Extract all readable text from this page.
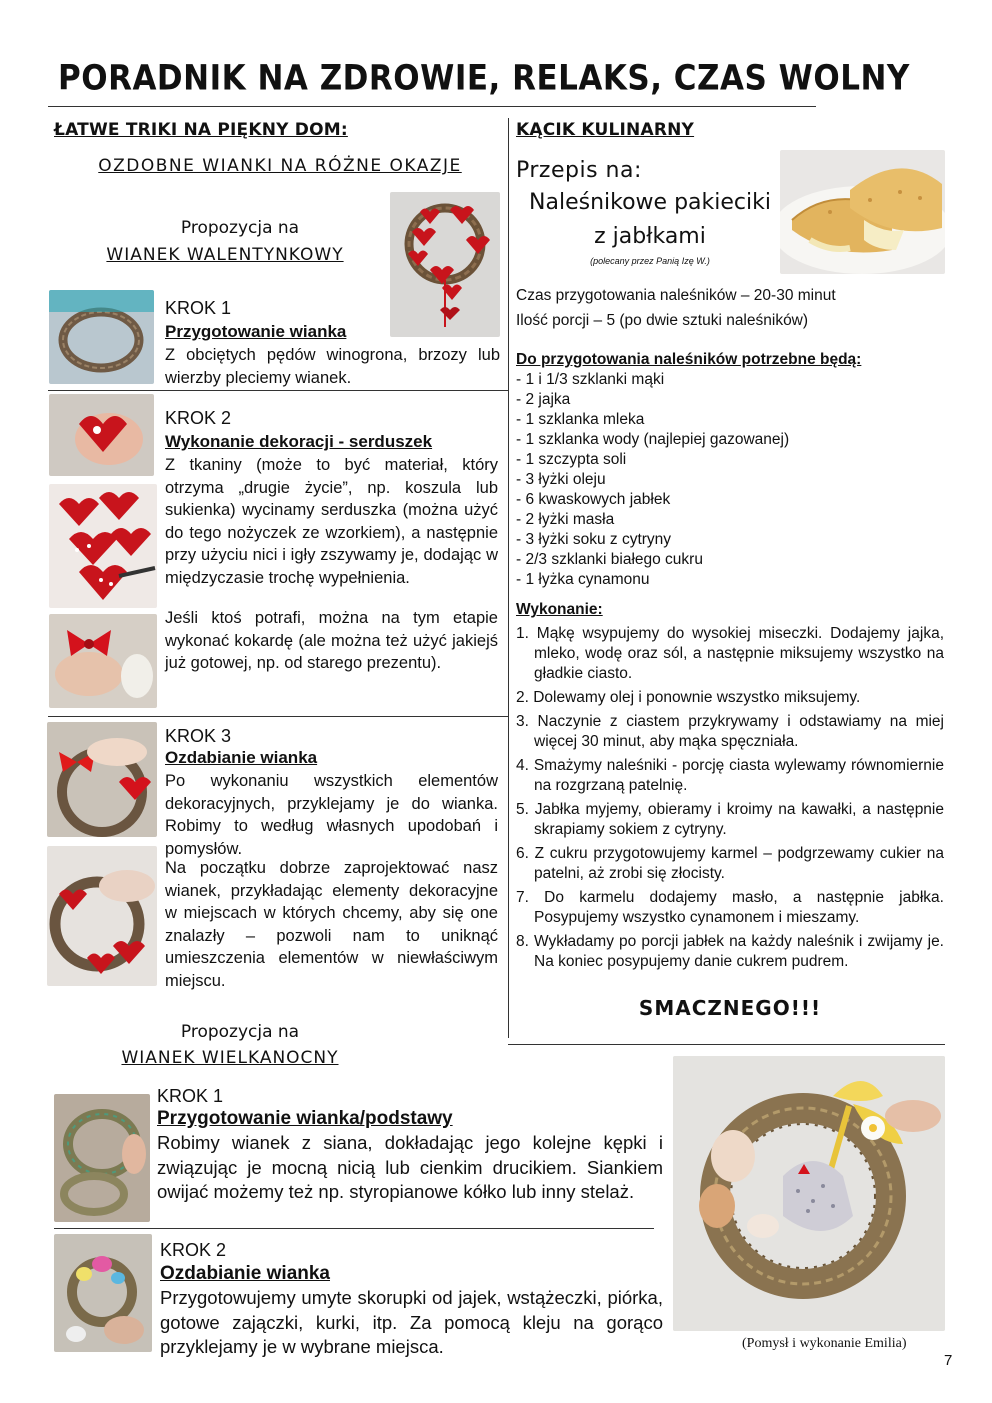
PORADNIK NA ZDROWIE, RELAKS, CZAS WOLNY
ŁATWE TRIKI NA PIĘKNY DOM:
OZDOBNE WIANKI NA RÓŻNE OKAZJE
Propozycja na
WIANEK WALENTYNKOWY
KROK 1
Przygotowanie wianka
Z obciętych pędów winogrona, brzozy lub wierzby pleciemy wianek.
KROK 2
Wykonanie dekoracji - serduszek
Z tkaniny (może to być materiał, który otrzyma „drugie życie”, np. koszula lub sukienka) wycinamy serduszka (można użyć do tego nożyczek ze wzorkiem), a następnie przy użyciu nici i igły zszywamy je, dodając w międzyczasie trochę wypełnienia.
Jeśli ktoś potrafi, można na tym etapie wykonać kokardę (ale można też użyć jakiejś już gotowej, np. od starego prezentu).
KROK 3
Ozdabianie wianka
Po wykonaniu wszystkich elementów dekoracyjnych, przyklejamy je do wianka. Robimy to według własnych upodobań i pomysłów.
Na początku dobrze zaprojektować nasz wianek, przykładając elementy dekoracyjne w miejscach w których chcemy, aby się one znalazły – pozwoli nam to uniknąć umieszczenia elementów w niewłaściwym miejscu.
Propozycja na
WIANEK WIELKANOCNY
KROK 1
Przygotowanie wianka/podstawy
Robimy wianek z siana, dokładając jego kolejne kępki i związując je mocną nicią lub cienkim drucikiem. Siankiem owijać możemy też np. styropianowe kółko lub inny stelaż.
KROK 2
Ozdabianie wianka
Przygotowujemy umyte skorupki od jajek, wstążeczki, piórka, gotowe zajączki, kurki, itp. Za pomocą kleju na gorąco przyklejamy je w wybrane miejsca.	(Pomysł i wykonanie Emilia)
7
KĄCIK KULINARNY
Przepis na:
Naleśnikowe pakieciki
z jabłkami
(polecany przez Panią Izę W.)
Czas przygotowania naleśników – 20-30 minut
Ilość porcji – 5 (po dwie sztuki naleśników)
Do przygotowania naleśników potrzebne będą:
- 1 i 1/3 szklanki mąki
- 2 jajka
- 1 szklanka mleka
- 1 szklanka wody (najlepiej gazowanej)
- 1 szczypta soli
- 3 łyżki oleju
- 6 kwaskowych jabłek
- 2 łyżki masła
- 3 łyżki soku z cytryny
- 2/3 szklanki białego cukru
- 1 łyżka cynamonu
Wykonanie:
1. Mąkę wsypujemy do wysokiej miseczki. Dodajemy jajka, mleko, wodę oraz sól, a następnie miksujemy wszystko na gładkie ciasto.
2. Dolewamy olej i ponownie wszystko miksujemy.
3. Naczynie z ciastem przykrywamy i odstawiamy na miej więcej 30 minut, aby mąka spęczniała.
4. Smażymy naleśniki - porcję ciasta wylewamy równomiernie na rozgrzaną patelnię.
5. Jabłka myjemy, obieramy i kroimy na kawałki, a następnie skrapiamy sokiem z cytryny.
6. Z cukru przygotowujemy karmel – podgrzewamy cukier na patelni, aż zrobi się złocisty.
7. Do karmelu dodajemy masło, a następnie jabłka. Posypujemy wszystko cynamonem i mieszamy.
8. Wykładamy po porcji jabłek na każdy naleśnik i zwijamy je. Na koniec posypujemy danie cukrem pudrem.
SMACZNEGO!!!
